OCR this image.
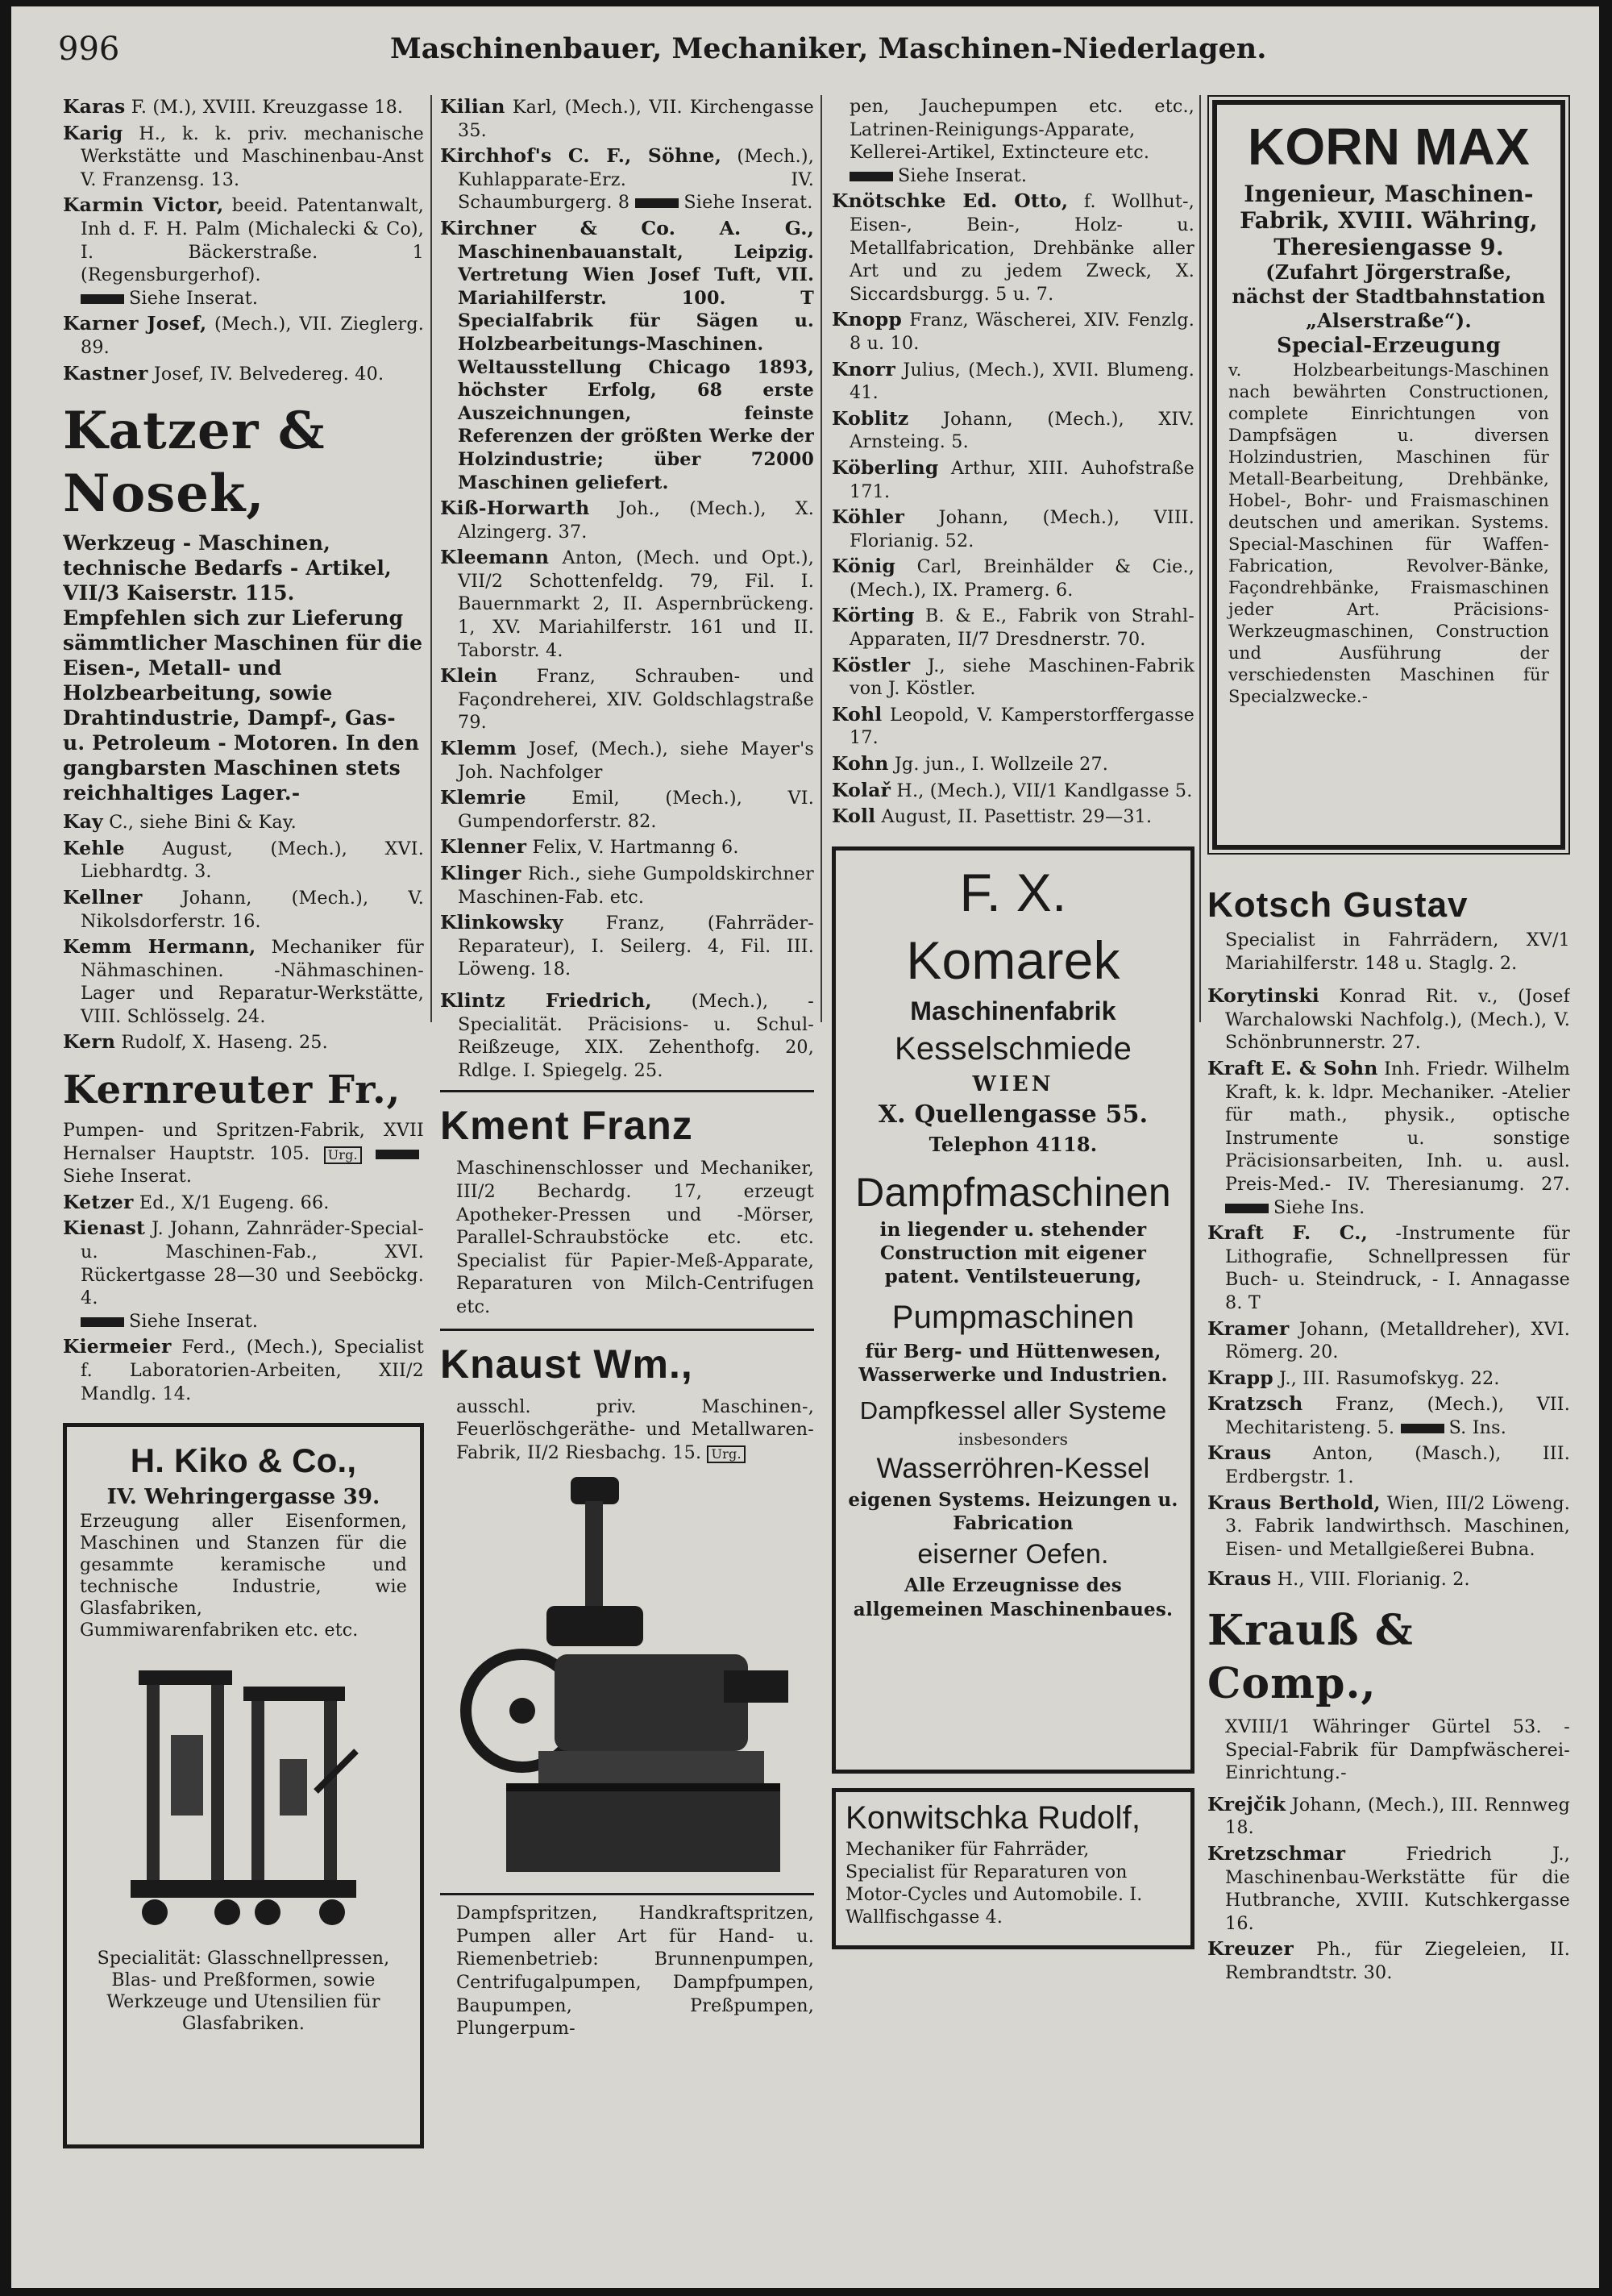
996	Maschinenbauer, Mechaniker, Maschinen-Niederlagen.
Karas F. (M.), XVIII. Kreuzgasse 18.
Karig H., k. k. priv. mechanische Werkstätte und Maschinenbau-Anst V. Franzensg. 13.
Karmin Victor, beeid. Patentanwalt, Inh d. F. H. Palm (Michalecki & Co), I. Bäckerstraße. 1 (Regensburgerhof).
Siehe Inserat.
Karner Josef, (Mech.), VII. Zieglerg. 89.
Kastner Josef, IV. Belvedereg. 40.
Katzer & Nosek,
Werkzeug - Maschinen, technische Bedarfs - Artikel, VII/3 Kaiserstr. 115. Empfehlen sich zur Lieferung sämmtlicher Maschinen für die Eisen-, Metall- und Holzbearbeitung, sowie Drahtindustrie, Dampf-, Gas- u. Petroleum - Motoren. In den gangbarsten Maschinen stets reichhaltiges Lager.-
Kay C., siehe Bini & Kay.
Kehle August, (Mech.), XVI. Liebhardtg. 3.
Kellner Johann, (Mech.), V. Nikolsdorferstr. 16.
Kemm Hermann, Mechaniker für Nähmaschinen. -Nähmaschinen-Lager und Reparatur-Werkstätte, VIII. Schlösselg. 24.
Kern Rudolf, X. Haseng. 25.
Kernreuter Fr.,
Pumpen- und Spritzen-Fabrik, XVII Hernalser Hauptstr. 105. Urg. Siehe Inserat.
Ketzer Ed., X/1 Eugeng. 66.
Kienast J. Johann, Zahnräder-Special-u. Maschinen-Fab., XVI. Rückertgasse 28—30 und Seeböckg. 4.
Siehe Inserat.
Kiermeier Ferd., (Mech.), Specialist f. Laboratorien-Arbeiten, XII/2 Mandlg. 14.
H. Kiko & Co.,
IV. Wehringergasse 39.
Erzeugung aller Eisenformen, Maschinen und Stanzen für die gesammte keramische und technische Industrie, wie Glasfabriken, Gummiwarenfabriken etc. etc.
Specialität: Glasschnellpressen, Blas- und Preßformen, sowie Werkzeuge und Utensilien für Glasfabriken.
Kilian Karl, (Mech.), VII. Kirchengasse 35.
Kirchhof's C. F., Söhne, (Mech.), Kuhlapparate-Erz. IV. Schaumburgerg. 8	Siehe Inserat.
Kirchner & Co. A. G., Maschinenbauanstalt, Leipzig. Vertretung Wien Josef Tuft, VII. Mariahilferstr. 100. T Specialfabrik für Sägen u. Holzbearbeitungs-Maschinen. Weltausstellung Chicago 1893, höchster Erfolg, 68 erste Auszeichnungen, feinste Referenzen der größten Werke der Holzindustrie; über 72000 Maschinen geliefert.
Kiß-Horwarth Joh., (Mech.), X. Alzingerg. 37.
Kleemann Anton, (Mech. und Opt.), VII/2 Schottenfeldg. 79, Fil. I. Bauernmarkt 2, II. Aspernbrückeng. 1, XV. Mariahilferstr. 161 und II. Taborstr. 4.
Klein Franz, Schrauben- und Façondreherei, XIV. Goldschlagstraße 79.
Klemm Josef, (Mech.), siehe Mayer's Joh. Nachfolger
Klemrie	Emil, (Mech.), VI. Gumpendorferstr. 82.
Klenner Felix, V. Hartmanng 6.
Klinger Rich., siehe Gumpoldskirchner Maschinen-Fab. etc.
Klinkowsky Franz, (Fahrräder-Reparateur), I. Seilerg. 4, Fil. III. Löweng. 18.
Klintz Friedrich, (Mech.), -Specialität. Präcisions- u. Schul-Reißzeuge, XIX. Zehenthofg. 20, Rdlge. I. Spiegelg. 25.
Kment Franz
Maschinenschlosser und Mechaniker, III/2 Bechardg. 17, erzeugt Apotheker-Pressen und -Mörser, Parallel-Schraubstöcke etc. etc. Specialist für Papier-Meß-Apparate, Reparaturen von Milch-Centrifugen etc.
Knaust Wm.,
ausschl. priv. Maschinen-, Feuerlöschgeräthe- und Metallwaren-Fabrik, II/2 Riesbachg. 15. Urg.
Dampfspritzen, Handkraftspritzen, Pumpen aller Art für Hand- u. Riemenbetrieb: Brunnenpumpen, Centrifugalpumpen, Dampfpumpen, Baupumpen, Preßpumpen, Plungerpum-
pen, Jauchepumpen etc. etc., Latrinen-Reinigungs-Apparate, Kellerei-Artikel, Extincteure etc.
Siehe Inserat.
Knötschke Ed. Otto, f. Wollhut-, Eisen-, Bein-, Holz- u. Metallfabrication, Drehbänke aller Art und zu jedem Zweck, X. Siccardsburgg. 5 u. 7.
Knopp Franz, Wäscherei, XIV. Fenzlg. 8 u. 10.
Knorr Julius, (Mech.), XVII. Blumeng. 41.
Koblitz Johann, (Mech.), XIV. Arnsteing. 5.
Köberling Arthur, XIII. Auhofstraße 171.
Köhler Johann, (Mech.), VIII. Florianig. 52.
König Carl, Breinhälder & Cie., (Mech.), IX. Pramerg. 6.
Körting B. & E., Fabrik von Strahl-Apparaten, II/7 Dresdnerstr. 70.
Köstler J., siehe Maschinen-Fabrik von J. Köstler.
Kohl Leopold, V. Kamperstorffergasse 17.
Kohn Jg. jun., I. Wollzeile 27.
Kolař H., (Mech.), VII/1 Kandlgasse 5.
Koll August, II. Pasettistr. 29—31.
F. X. Komarek
Maschinenfabrik
Kesselschmiede
WIEN
X. Quellengasse 55.
Telephon 4118.
Dampfmaschinen
in liegender u. stehender Construction mit eigener patent. Ventilsteuerung,
Pumpmaschinen
für Berg- und Hüttenwesen, Wasserwerke und Industrien.
Dampfkessel aller Systeme
insbesonders
Wasserröhren-Kessel
eigenen Systems. Heizungen u. Fabrication
eiserner Oefen.
Alle Erzeugnisse des allgemeinen Maschinenbaues.
Konwitschka Rudolf,
Mechaniker für Fahrräder, Specialist für Reparaturen von Motor-Cycles und Automobile. I. Wallfischgasse 4.
KORN MAX
Ingenieur, Maschinen-Fabrik, XVIII. Währing, Theresiengasse 9.
(Zufahrt Jörgerstraße, nächst der Stadtbahnstation „Alserstraße“).
Special-Erzeugung
v. Holzbearbeitungs-Maschinen nach bewährten Constructionen, complete Einrichtungen von Dampfsägen u. diversen Holzindustrien, Maschinen für Metall-Bearbeitung, Drehbänke, Hobel-, Bohr- und Fraismaschinen deutschen und amerikan. Systems. Special-Maschinen für Waffen-Fabrication, Revolver-Bänke, Façondrehbänke, Fraismaschinen jeder Art. Präcisions-Werkzeugmaschinen, Construction und Ausführung der verschiedensten Maschinen für Specialzwecke.-
Kotsch Gustav
Specialist in Fahrrädern, XV/1 Mariahilferstr. 148 u. Staglg. 2.
Korytinski Konrad Rit. v., (Josef Warchalowski Nachfolg.), (Mech.), V. Schönbrunnerstr. 27.
Kraft E. & Sohn Inh. Friedr. Wilhelm Kraft, k. k. ldpr. Mechaniker. -Atelier für math., physik., optische Instrumente u. sonstige Präcisionsarbeiten, Inh. u. ausl. Preis-Med.- IV. Theresianumg. 27. Siehe Ins.
Kraft F. C., -Instrumente für Lithografie, Schnellpressen für Buch- u. Steindruck, - I. Annagasse 8. T
Kramer Johann, (Metalldreher), XVI. Römerg. 20.
Krapp J., III. Rasumofskyg. 22.
Kratzsch Franz, (Mech.), VII. Mechitaristeng. 5.	S. Ins.
Kraus Anton, (Masch.), III. Erdbergstr. 1.
Kraus Berthold, Wien, III/2 Löweng. 3. Fabrik landwirthsch. Maschinen, Eisen- und Metallgießerei Bubna.
Kraus H., VIII. Florianig. 2.
Krauß & Comp.,
XVIII/1 Währinger Gürtel 53. -Special-Fabrik für Dampfwäscherei-Einrichtung.-
Krejčik Johann, (Mech.), III. Rennweg 18.
Kretzschmar	Friedrich J., Maschinenbau-Werkstätte für die Hutbranche, XVIII. Kutschkergasse 16.
Kreuzer Ph., für Ziegeleien, II. Rembrandtstr. 30.
